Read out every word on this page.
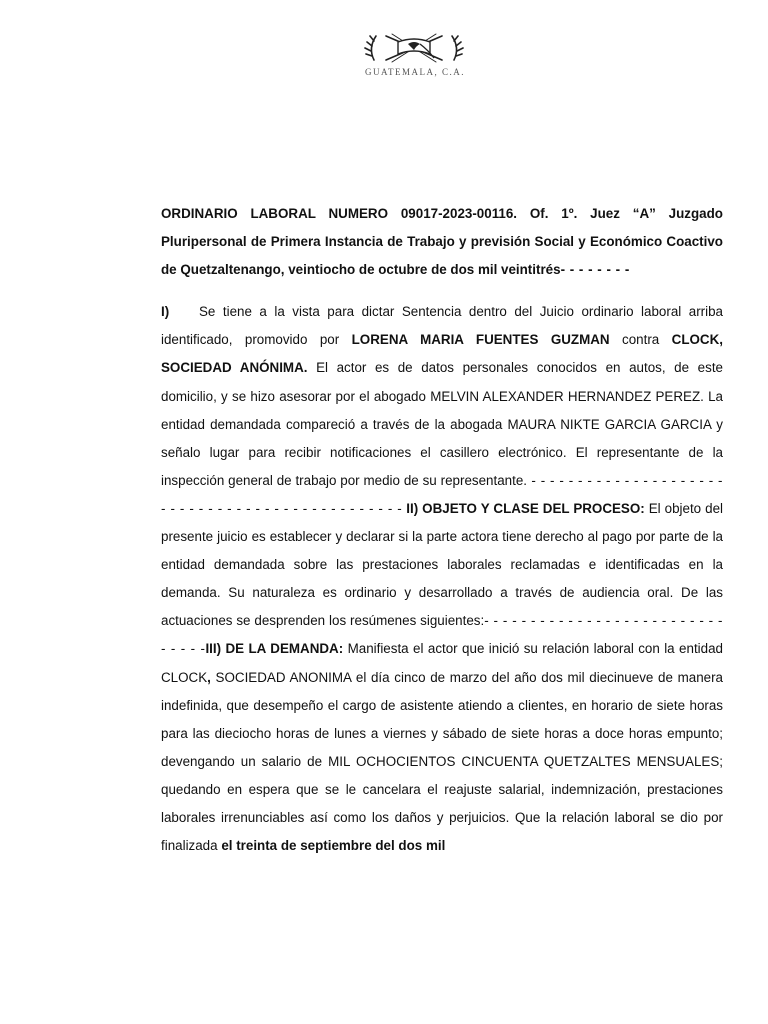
GUATEMALA, C.A.

ORDINARIO LABORAL NUMERO 09017-2023-00116. Of. 1º. Juez “A” Juzgado Pluripersonal de Primera Instancia de Trabajo y previsión Social y Económico Coactivo de Quetzaltenango, veintiocho de octubre de dos mil veintitrés- - - - - - - -

I) Se tiene a la vista para dictar Sentencia dentro del Juicio ordinario laboral arriba identificado, promovido por LORENA MARIA FUENTES GUZMAN contra CLOCK, SOCIEDAD ANÓNIMA. El actor es de datos personales conocidos en autos, de este domicilio, y se hizo asesorar por el abogado MELVIN ALEXANDER HERNANDEZ PEREZ. La entidad demandada compareció a través de la abogada MAURA NIKTE GARCIA GARCIA y señalo lugar para recibir notificaciones el casillero electrónico. El representante de la inspección general de trabajo por medio de su representante. - - - - - - - - - - - - - - - - - - - - - - - - - - - - - - - - - - - - - - - - - - - - - - - II) OBJETO Y CLASE DEL PROCESO: El objeto del presente juicio es establecer y declarar si la parte actora tiene derecho al pago por parte de la entidad demandada sobre las prestaciones laborales reclamadas e identificadas en la demanda. Su naturaleza es ordinario y desarrollado a través de audiencia oral. De las actuaciones se desprenden los resúmenes siguientes:- - - - - - - - - - - - - - - - - - - - - - - - - - - - - - -III) DE LA DEMANDA: Manifiesta el actor que inició su relación laboral con la entidad CLOCK, SOCIEDAD ANONIMA el día cinco de marzo del año dos mil diecinueve de manera indefinida, que desempeño el cargo de asistente atiendo a clientes, en horario de siete horas para las dieciocho horas de lunes a viernes y sábado de siete horas a doce horas empunto; devengando un salario de MIL OCHOCIENTOS CINCUENTA QUETZALTES MENSUALES; quedando en espera que se le cancelara el reajuste salarial, indemnización, prestaciones laborales irrenunciables así como los daños y perjuicios. Que la relación laboral se dio por finalizada el treinta de septiembre del dos mil
